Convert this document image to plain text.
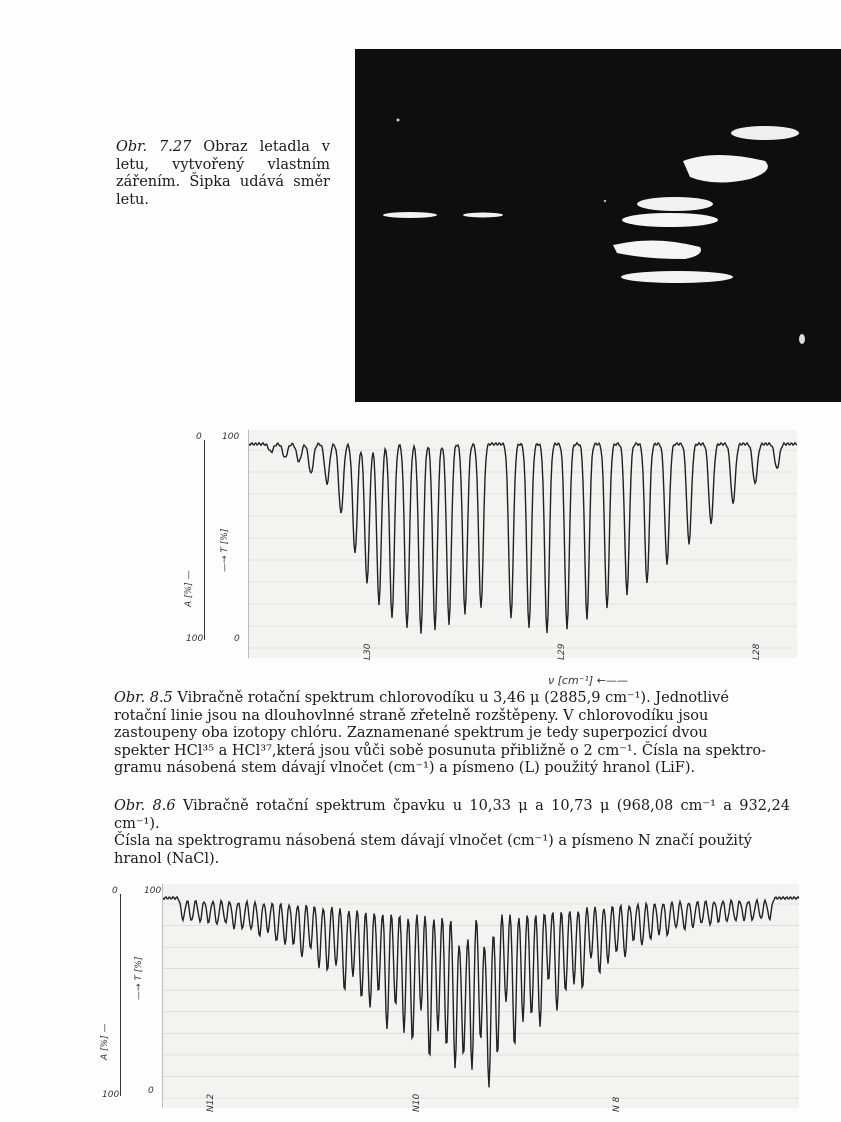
Obr. 7.27 Obraz letadla v letu, vytvořený vlastním zářením. Šipka udává směr letu.
0
100
100
0
A [%] —
—→ T [%]
L30	L29	L28
ν [cm⁻¹] ←——
Obr. 8.5 Vibračně rotační spektrum chlorovodíku u 3,46 μ (2885,9 cm⁻¹). Jednotlivé
rotační linie jsou na dlouhovlnné straně zřetelně rozštěpeny. V chlorovodíku jsou
zastoupeny oba izotopy chlóru. Zaznamenané spektrum je tedy superpozicí dvou
spekter HCl³⁵ a HCl³⁷,která jsou vůči sobě posunuta přibližně o 2 cm⁻¹. Čísla na spektro-
gramu násobená stem dávají vlnočet (cm⁻¹) a písmeno (L) použitý hranol (LiF).
Obr. 8.6 Vibračně rotační spektrum čpavku u 10,33 μ a 10,73 μ (968,08 cm⁻¹ a 932,24 cm⁻¹).
Čísla na spektrogramu násobená stem dávají vlnočet (cm⁻¹) a písmeno N značí použitý
hranol (NaCl).
0
100
100
0
A [%] —
—→ T [%]
N12	N10	N 8
